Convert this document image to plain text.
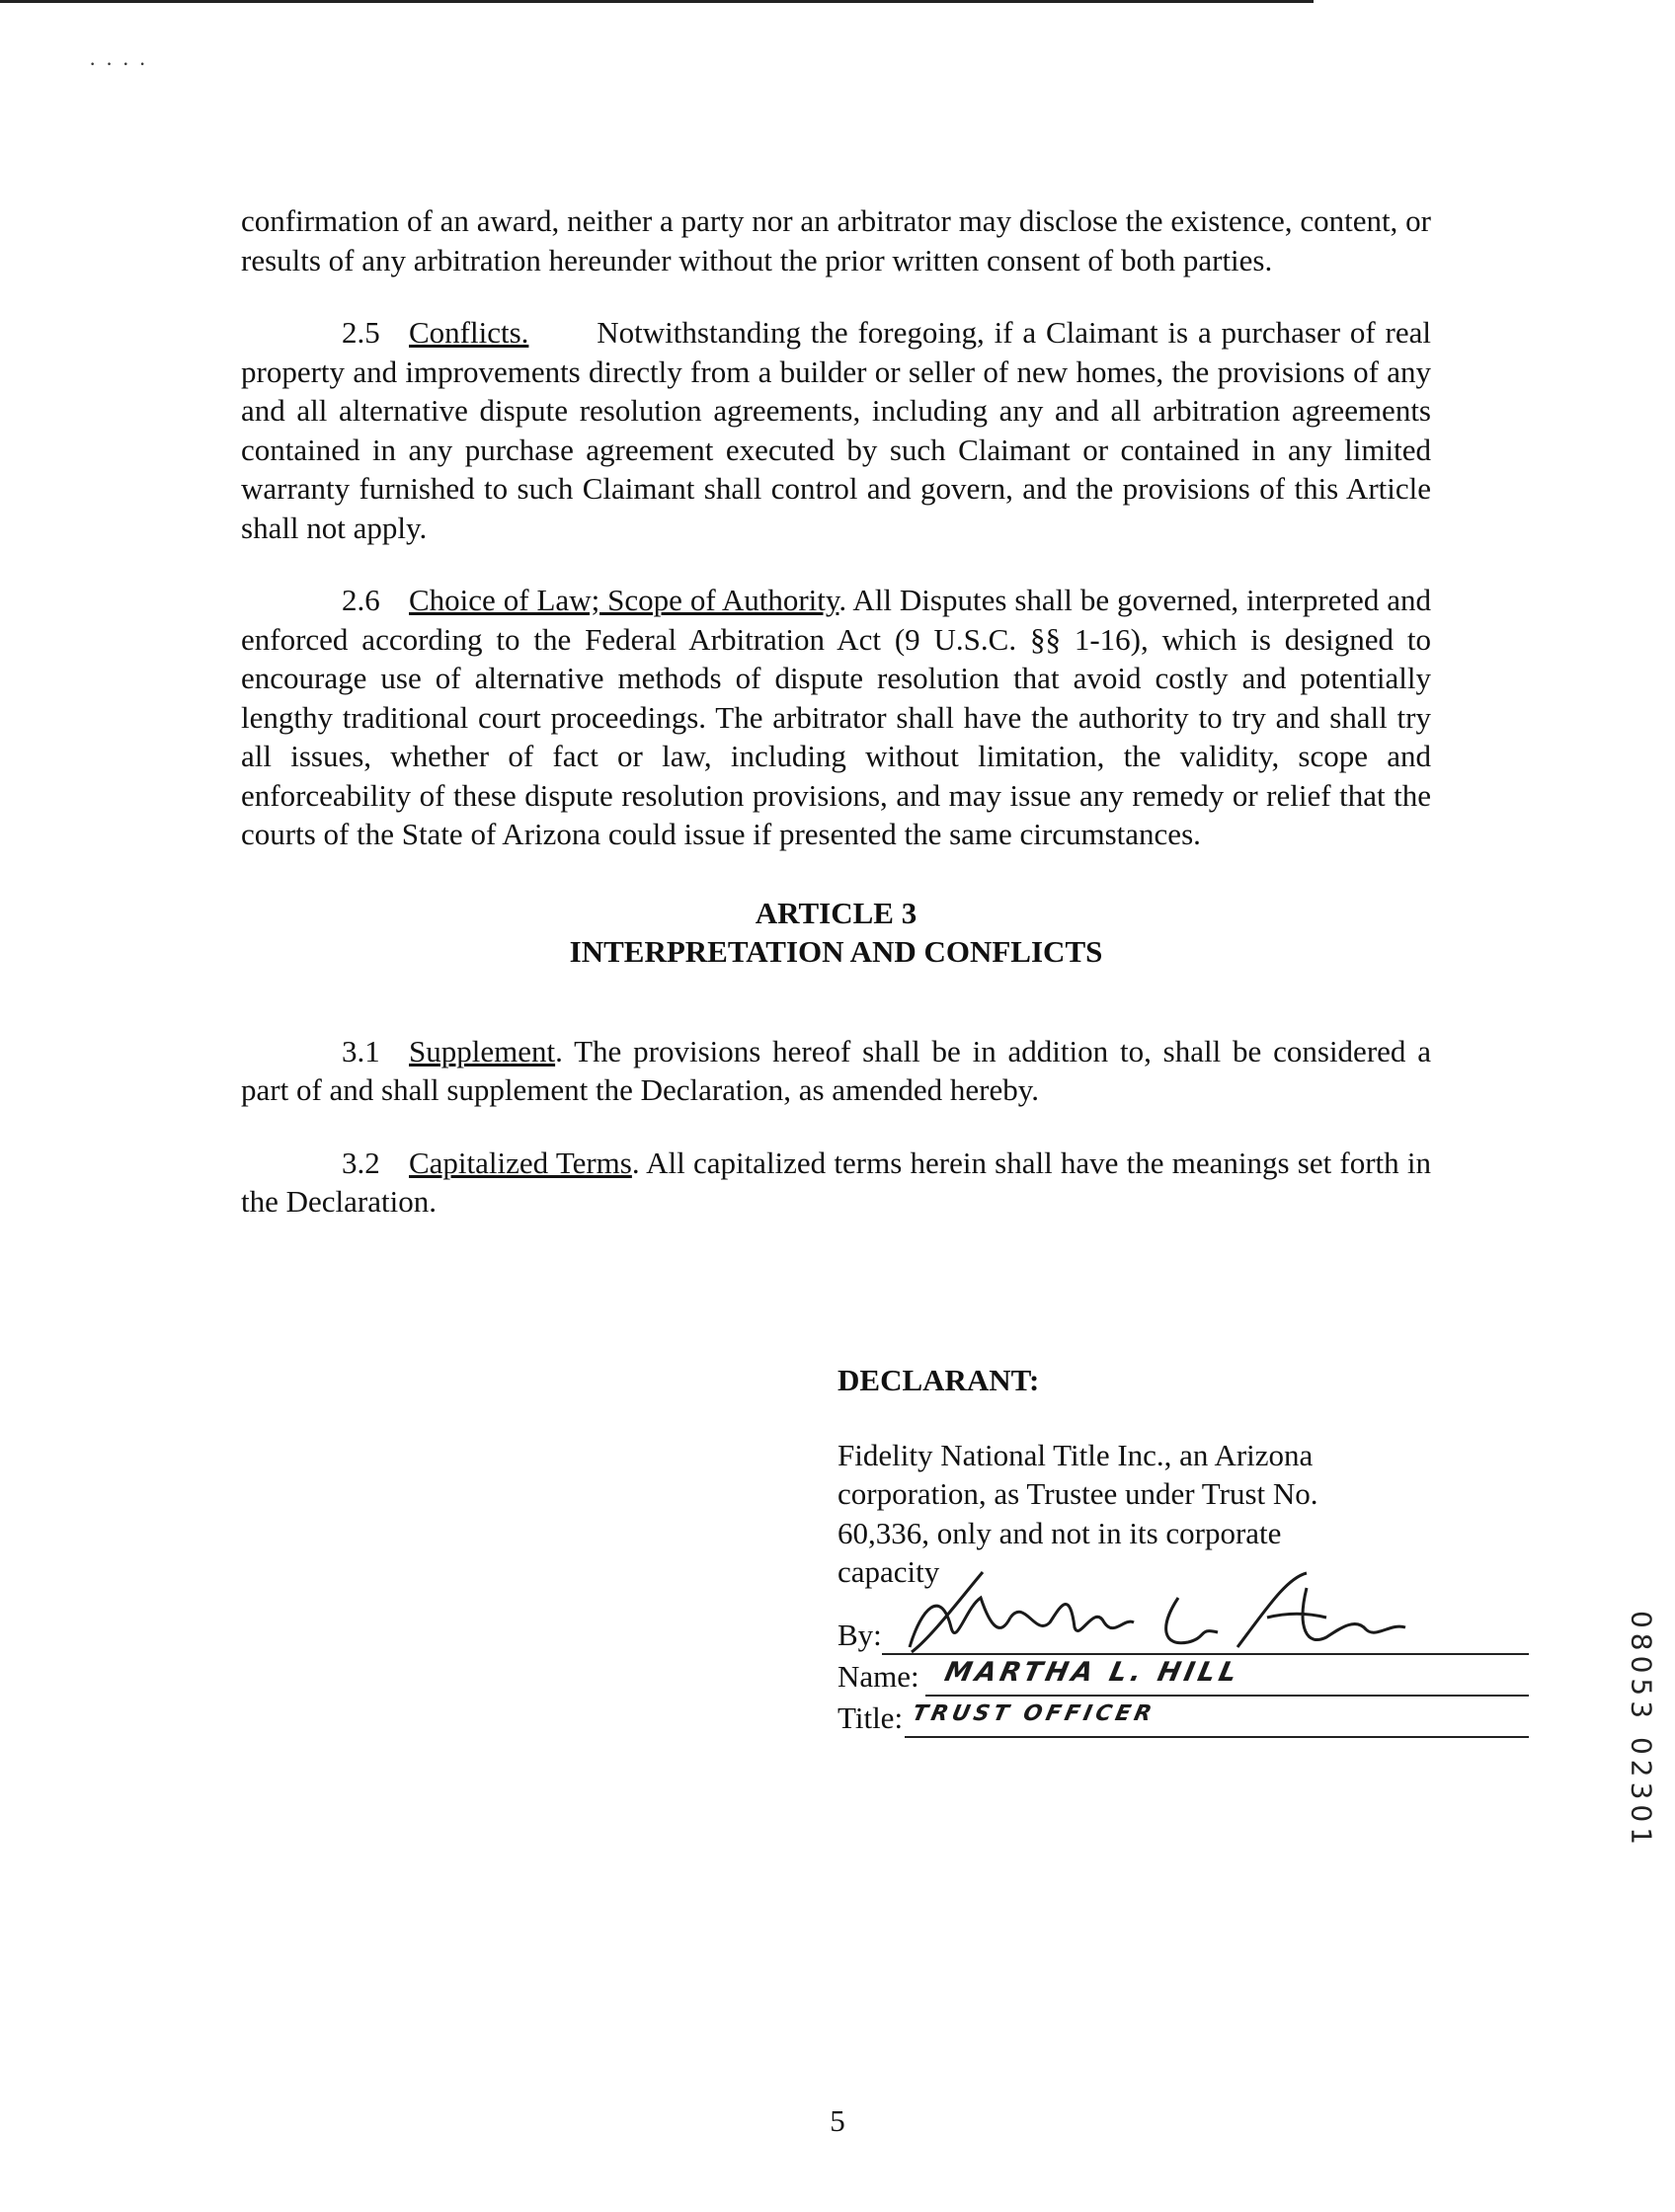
· · · ·

confirmation of an award, neither a party nor an arbitrator may disclose the existence, content, or results of any arbitration hereunder without the prior written consent of both parties.

2.5 Conflicts. Notwithstanding the foregoing, if a Claimant is a purchaser of real property and improvements directly from a builder or seller of new homes, the provisions of any and all alternative dispute resolution agreements, including any and all arbitration agreements contained in any purchase agreement executed by such Claimant or contained in any limited warranty furnished to such Claimant shall control and govern, and the provisions of this Article shall not apply.

2.6 Choice of Law; Scope of Authority. All Disputes shall be governed, interpreted and enforced according to the Federal Arbitration Act (9 U.S.C. §§ 1-16), which is designed to encourage use of alternative methods of dispute resolution that avoid costly and potentially lengthy traditional court proceedings. The arbitrator shall have the authority to try and shall try all issues, whether of fact or law, including without limitation, the validity, scope and enforceability of these dispute resolution provisions, and may issue any remedy or relief that the courts of the State of Arizona could issue if presented the same circumstances.

ARTICLE 3
INTERPRETATION AND CONFLICTS

3.1 Supplement. The provisions hereof shall be in addition to, shall be considered a part of and shall supplement the Declaration, as amended hereby.

3.2 Capitalized Terms. All capitalized terms herein shall have the meanings set forth in the Declaration.

DECLARANT:
Fidelity National Title Inc., an Arizona
corporation, as Trustee under Trust No.
60,336, only and not in its corporate
capacity
By:
Name: MARTHA L. HILL
Title: TRUST OFFICER	08053 02301
5
